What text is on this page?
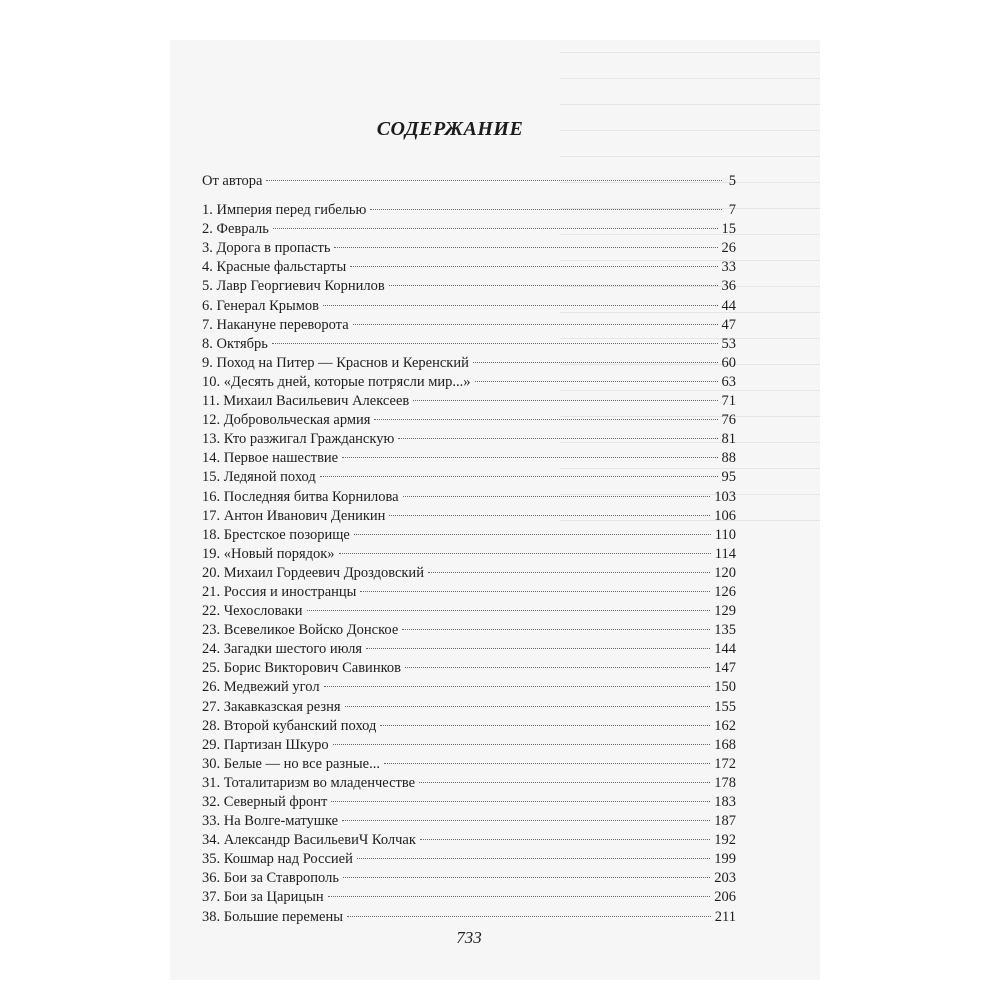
СОДЕРЖАНИЕ
От автора	5
1. Империя перед гибелью	7
2. Февраль	15
3. Дорога в пропасть	26
4. Красные фальстарты	33
5. Лавр Георгиевич Корнилов	36
6. Генерал Крымов	44
7. Накануне переворота	47
8. Октябрь	53
9. Поход на Питер — Краснов и Керенский	60
10. «Десять дней, которые потрясли мир...»	63
11. Михаил Васильевич Алексеев	71
12. Добровольческая армия	76
13. Кто разжигал Гражданскую	81
14. Первое нашествие	88
15. Ледяной поход	95
16. Последняя битва Корнилова	103
17. Антон Иванович Деникин	106
18. Брестское позорище	110
19. «Новый порядок»	114
20. Михаил Гордеевич Дроздовский	120
21. Россия и иностранцы	126
22. Чехословаки	129
23. Всевеликое Войско Донское	135
24. Загадки шестого июля	144
25. Борис Викторович Савинков	147
26. Медвежий угол	150
27. Закавказская резня	155
28. Второй кубанский поход	162
29. Партизан Шкуро	168
30. Белые — но все разные...	172
31. Тоталитаризм во младенчестве	178
32. Северный фронт	183
33. На Волге-матушке	187
34. Александр ВасильевиЧ Колчак	192
35. Кошмар над Россией	199
36. Бои за Ставрополь	203
37. Бои за Царицын	206
38. Большие перемены	211
733
